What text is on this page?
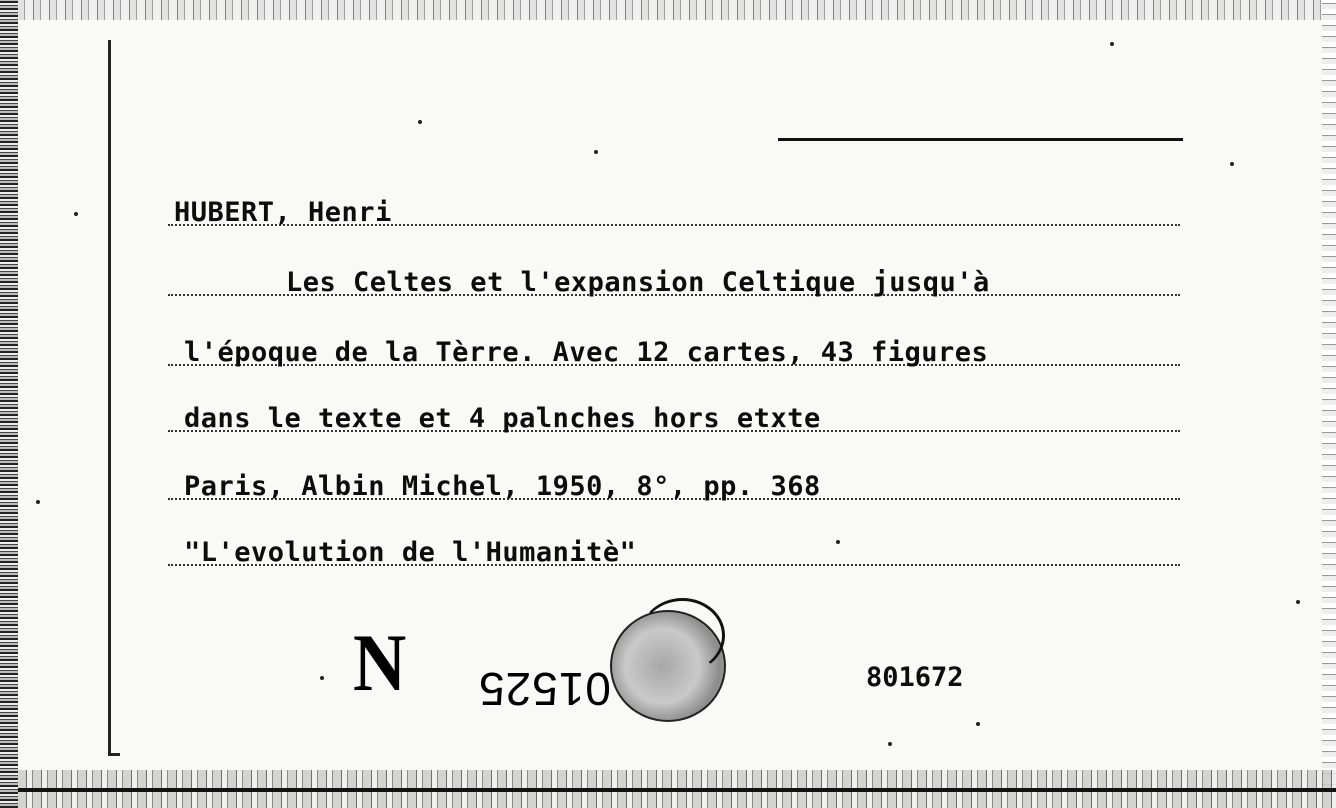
HUBERT, Henri
Les Celtes et l'expansion Celtique jusqu'à
l'époque de la Tèrre. Avec 12 cartes, 43 figures
dans le texte et 4 palnches hors etxte
Paris, Albin Michel, 1950, 8°, pp. 368
"L'evolution de l'Humanitè"
N 01525	801672
